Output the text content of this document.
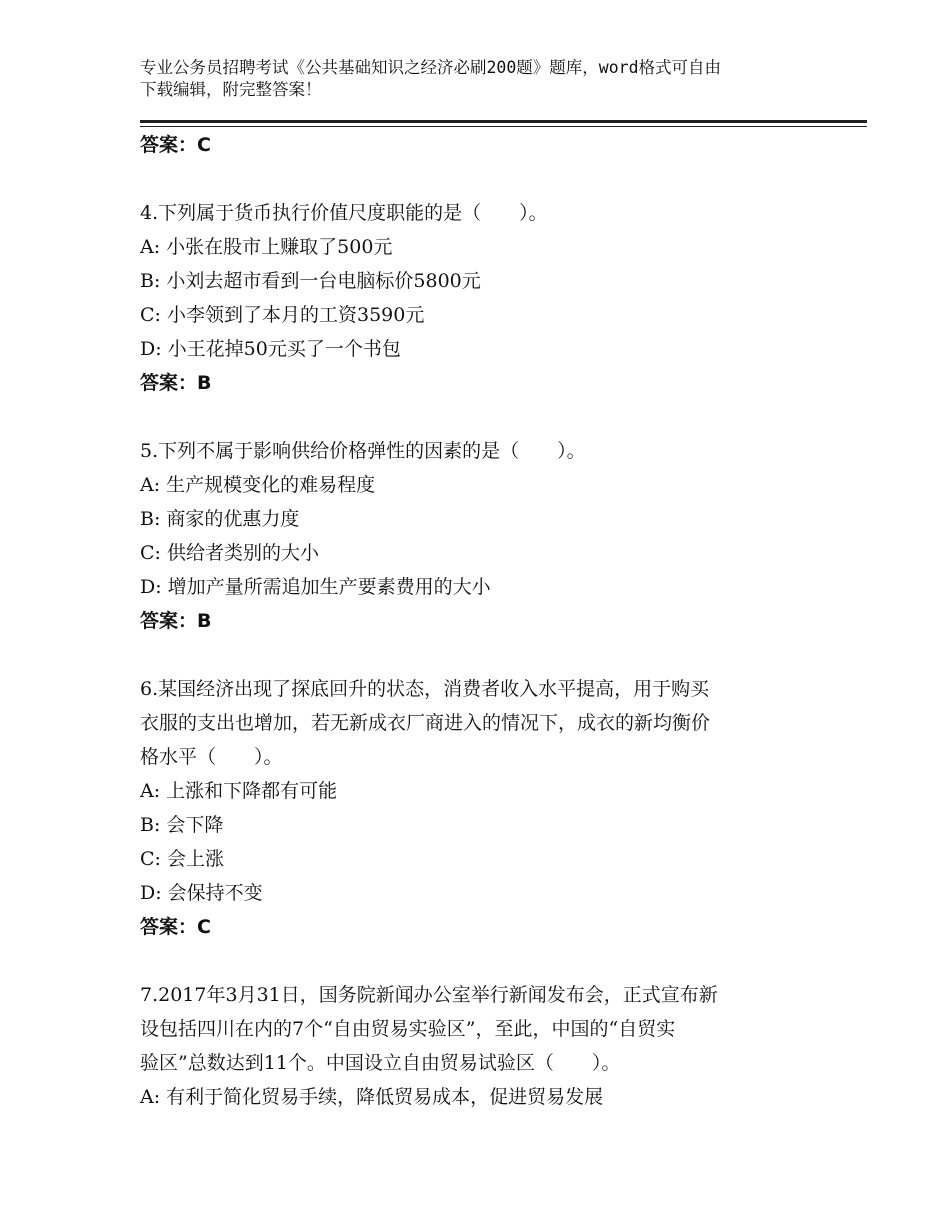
专业公务员招聘考试《公共基础知识之经济必刷200题》题库，word格式可自由
下载编辑，附完整答案！
答案：C
4.下列属于货币执行价值尺度职能的是（　　）。
A: 小张在股市上赚取了500元
B: 小刘去超市看到一台电脑标价5800元
C: 小李领到了本月的工资3590元
D: 小王花掉50元买了一个书包
答案：B
5.下列不属于影响供给价格弹性的因素的是（　　）。
A: 生产规模变化的难易程度
B: 商家的优惠力度
C: 供给者类别的大小
D: 增加产量所需追加生产要素费用的大小
答案：B
6.某国经济出现了探底回升的状态，消费者收入水平提高，用于购买
衣服的支出也增加，若无新成衣厂商进入的情况下，成衣的新均衡价
格水平（　　）。
A: 上涨和下降都有可能
B: 会下降
C: 会上涨
D: 会保持不变
答案：C
7.2017年3月31日，国务院新闻办公室举行新闻发布会，正式宣布新
设包括四川在内的7个“自由贸易实验区”，至此，中国的“自贸实
验区”总数达到11个。中国设立自由贸易试验区（　　）。
A: 有利于简化贸易手续，降低贸易成本，促进贸易发展
